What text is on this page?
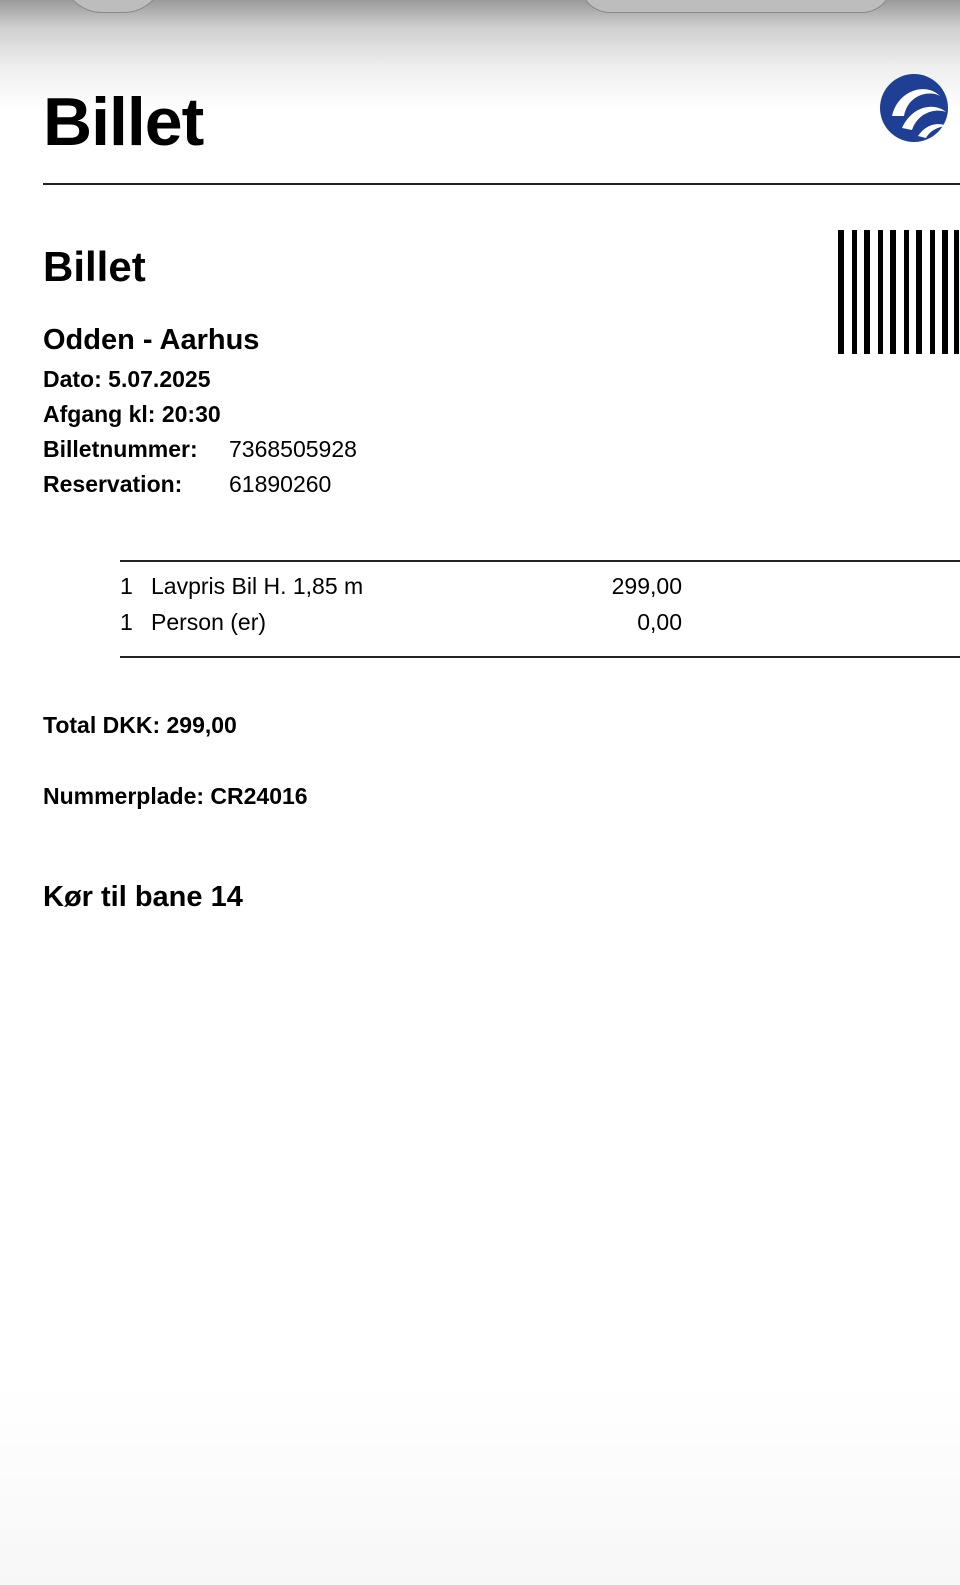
Billet
Billet
Odden - Aarhus
Dato: 5.07.2025
Afgang kl: 20:30
Billetnummer: 7368505928
Reservation: 61890260
1 Lavpris Bil H. 1,85 m	299,00
1 Person (er)	0,00
Total DKK: 299,00
Nummerplade: CR24016
Kør til bane 14
